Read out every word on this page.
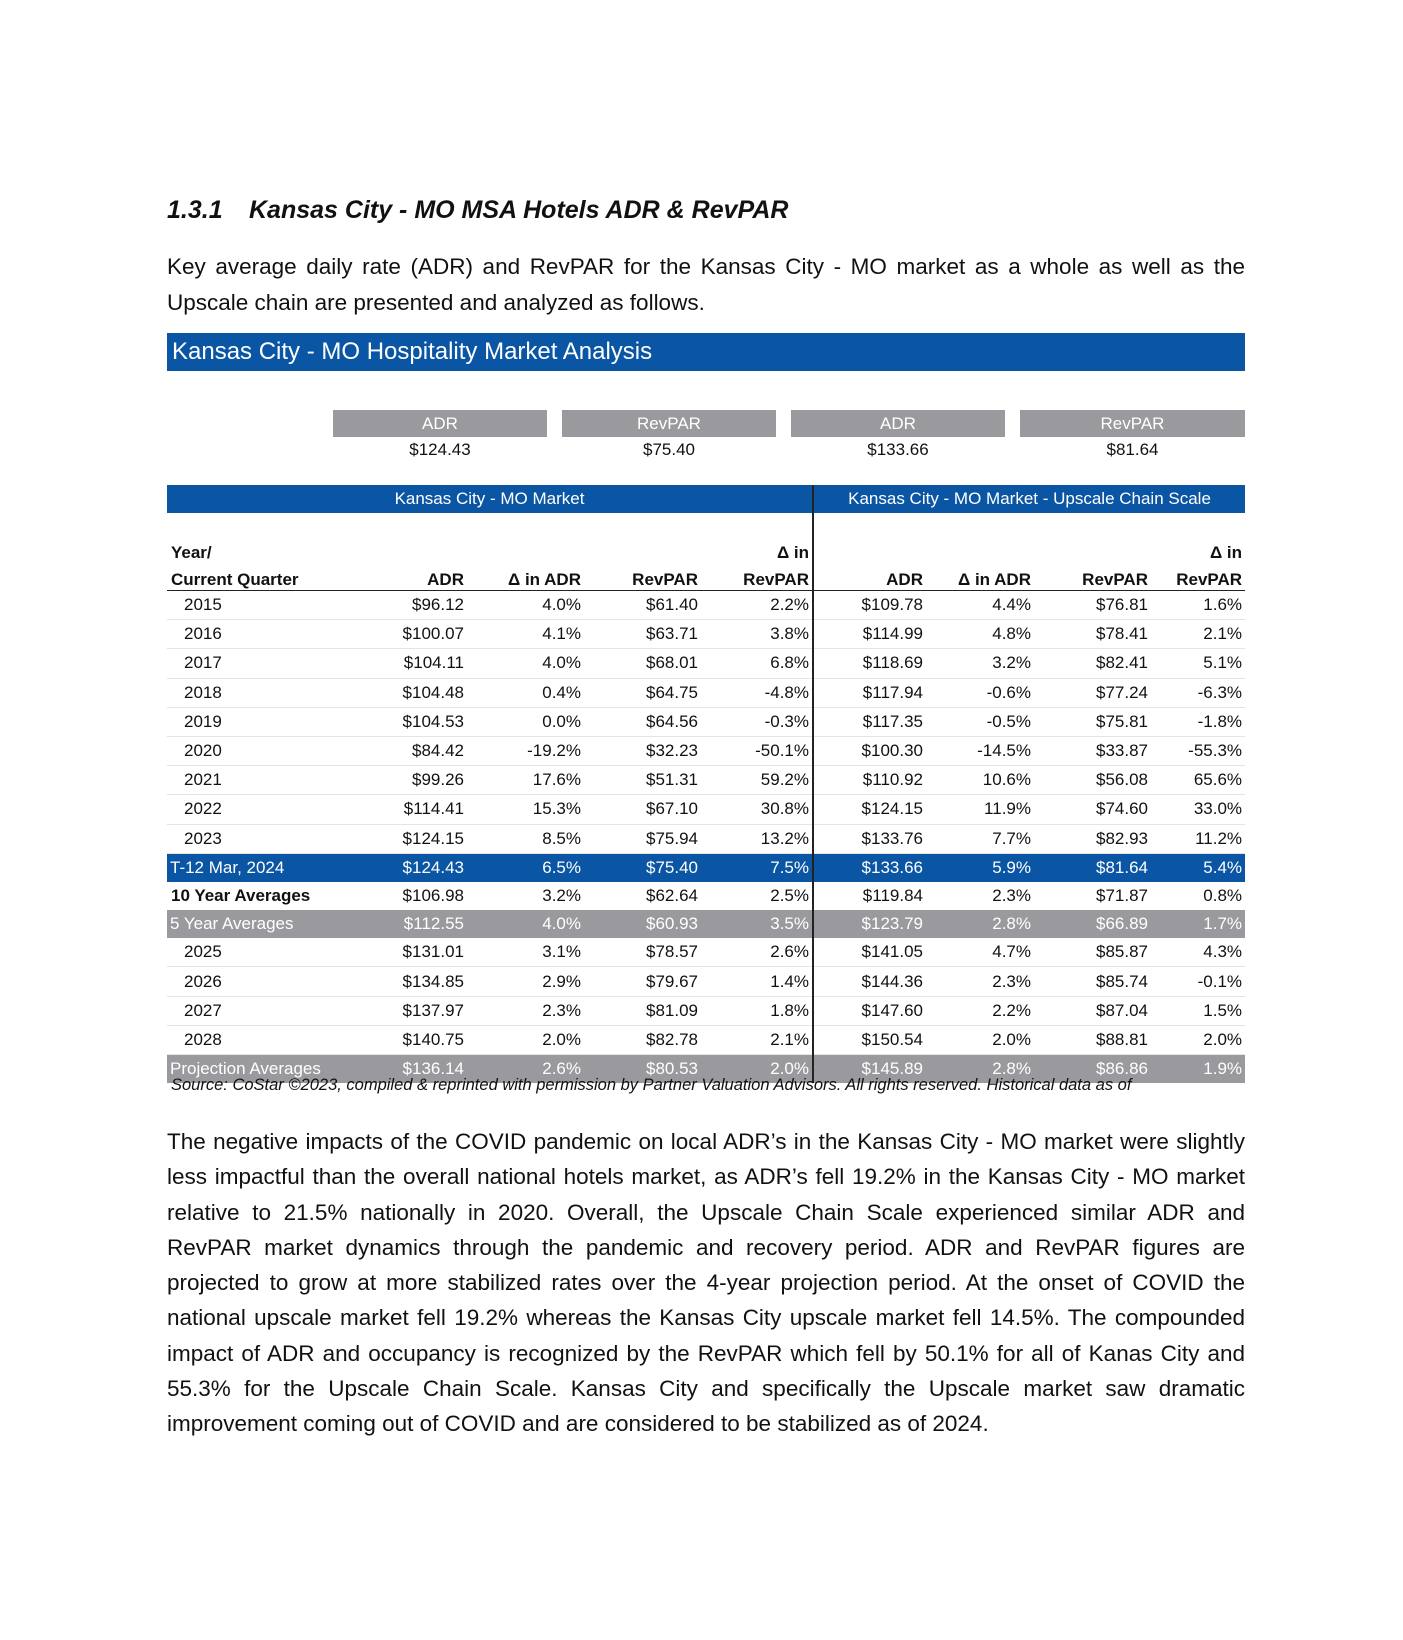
1.3.1 Kansas City - MO MSA Hotels ADR & RevPAR

Key average daily rate (ADR) and RevPAR for the Kansas City - MO market as a whole as well as the Upscale chain are presented and analyzed as follows.

Kansas City - MO Hospitality Market Analysis
ADR	RevPAR	ADR	RevPAR
$124.43	$75.40	$133.66	$81.64
Kansas City - MO Market					Kansas City - MO Market - Upscale Chain Scale			

Year/				Δ in				Δ in
Current Quarter	ADR	Δ in ADR	RevPAR	RevPAR	ADR	Δ in ADR	RevPAR	RevPAR
2015	$96.12	4.0%	$61.40	2.2%	$109.78	4.4%	$76.81	1.6%
2016	$100.07	4.1%	$63.71	3.8%	$114.99	4.8%	$78.41	2.1%
2017	$104.11	4.0%	$68.01	6.8%	$118.69	3.2%	$82.41	5.1%
2018	$104.48	0.4%	$64.75	-4.8%	$117.94	-0.6%	$77.24	-6.3%
2019	$104.53	0.0%	$64.56	-0.3%	$117.35	-0.5%	$75.81	-1.8%
2020	$84.42	-19.2%	$32.23	-50.1%	$100.30	-14.5%	$33.87	-55.3%
2021	$99.26	17.6%	$51.31	59.2%	$110.92	10.6%	$56.08	65.6%
2022	$114.41	15.3%	$67.10	30.8%	$124.15	11.9%	$74.60	33.0%
2023	$124.15	8.5%	$75.94	13.2%	$133.76	7.7%	$82.93	11.2%
T-12 Mar, 2024	$124.43	6.5%	$75.40	7.5%	$133.66	5.9%	$81.64	5.4%
10 Year Averages	$106.98	3.2%	$62.64	2.5%	$119.84	2.3%	$71.87	0.8%
5 Year Averages	$112.55	4.0%	$60.93	3.5%	$123.79	2.8%	$66.89	1.7%
2025	$131.01	3.1%	$78.57	2.6%	$141.05	4.7%	$85.87	4.3%
2026	$134.85	2.9%	$79.67	1.4%	$144.36	2.3%	$85.74	-0.1%
2027	$137.97	2.3%	$81.09	1.8%	$147.60	2.2%	$87.04	1.5%
2028	$140.75	2.0%	$82.78	2.1%	$150.54	2.0%	$88.81	2.0%
Projection Averages	$136.14	2.6%	$80.53	2.0%	$145.89	2.8%	$86.86	1.9%

Source: CoStar ©2023, compiled & reprinted with permission by Partner Valuation Advisors. All rights reserved. Historical data as of

The negative impacts of the COVID pandemic on local ADR’s in the Kansas City - MO market were slightly less impactful than the overall national hotels market, as ADR’s fell 19.2% in the Kansas City - MO market relative to 21.5% nationally in 2020. Overall, the Upscale Chain Scale experienced similar ADR and RevPAR market dynamics through the pandemic and recovery period. ADR and RevPAR figures are projected to grow at more stabilized rates over the 4-year projection period. At the onset of COVID the national upscale market fell 19.2% whereas the Kansas City upscale market fell 14.5%. The compounded impact of ADR and occupancy is recognized by the RevPAR which fell by 50.1% for all of Kanas City and 55.3% for the Upscale Chain Scale. Kansas City and specifically the Upscale market saw dramatic improvement coming out of COVID and are considered to be stabilized as of 2024.
